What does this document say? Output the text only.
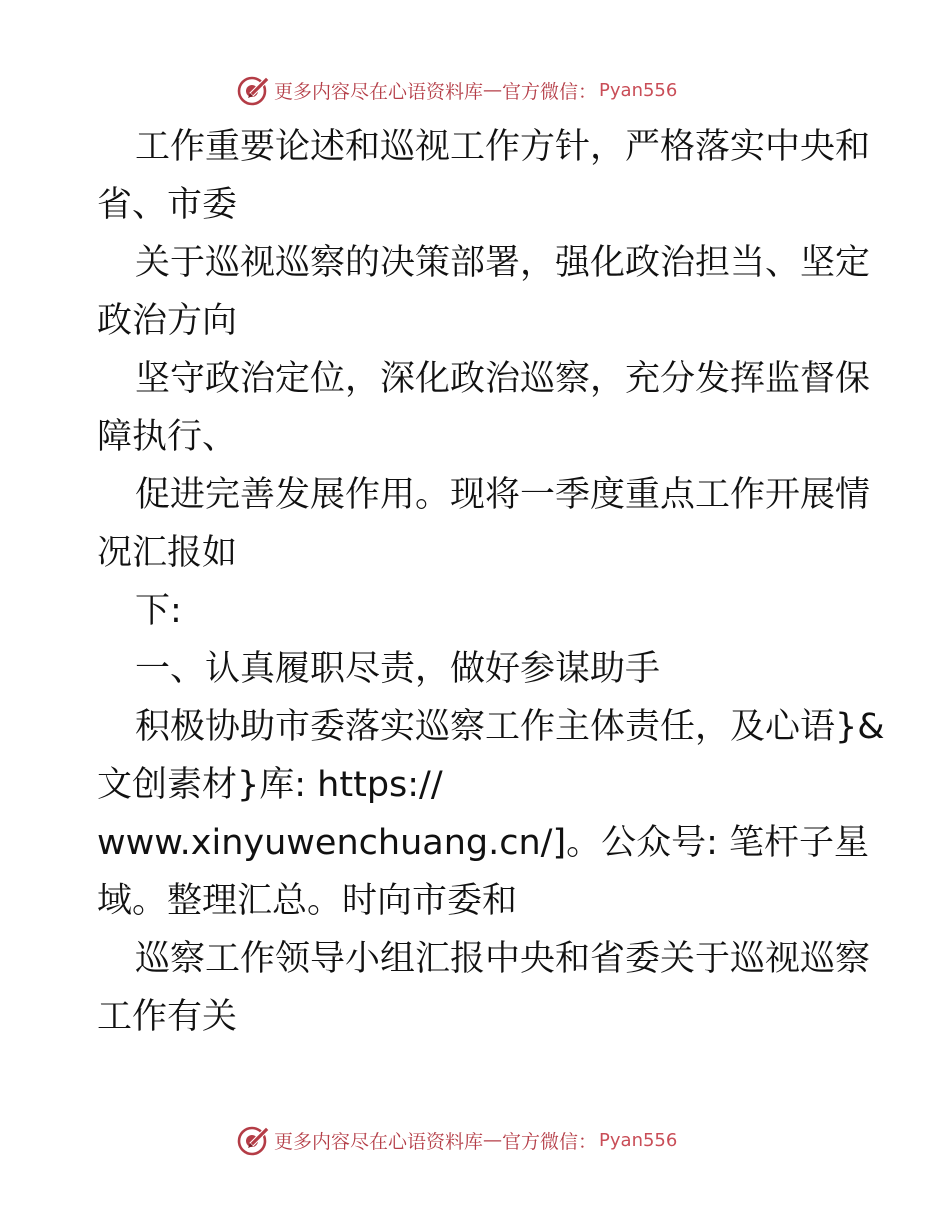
更多内容尽在心语资料库 — 官方微信： Pyan556
工作重要论述和巡视工作方针，严格落实中央和
省、市委
关于巡视巡察的决策部署，强化政治担当、坚定
政治方向
坚守政治定位，深化政治巡察，充分发挥监督保
障执行、
促进完善发展作用。现将一季度重点工作开展情
况汇报如
下:
一、认真履职尽责，做好参谋助手
积极协助市委落实巡察工作主体责任，及心语}&
文创素材}库: https://
www.xinyuwenchuang.cn/]。公众号: 笔杆子星
域。整理汇总。时向市委和
巡察工作领导小组汇报中央和省委关于巡视巡察
工作有关
更多内容尽在心语资料库 — 官方微信： Pyan556
